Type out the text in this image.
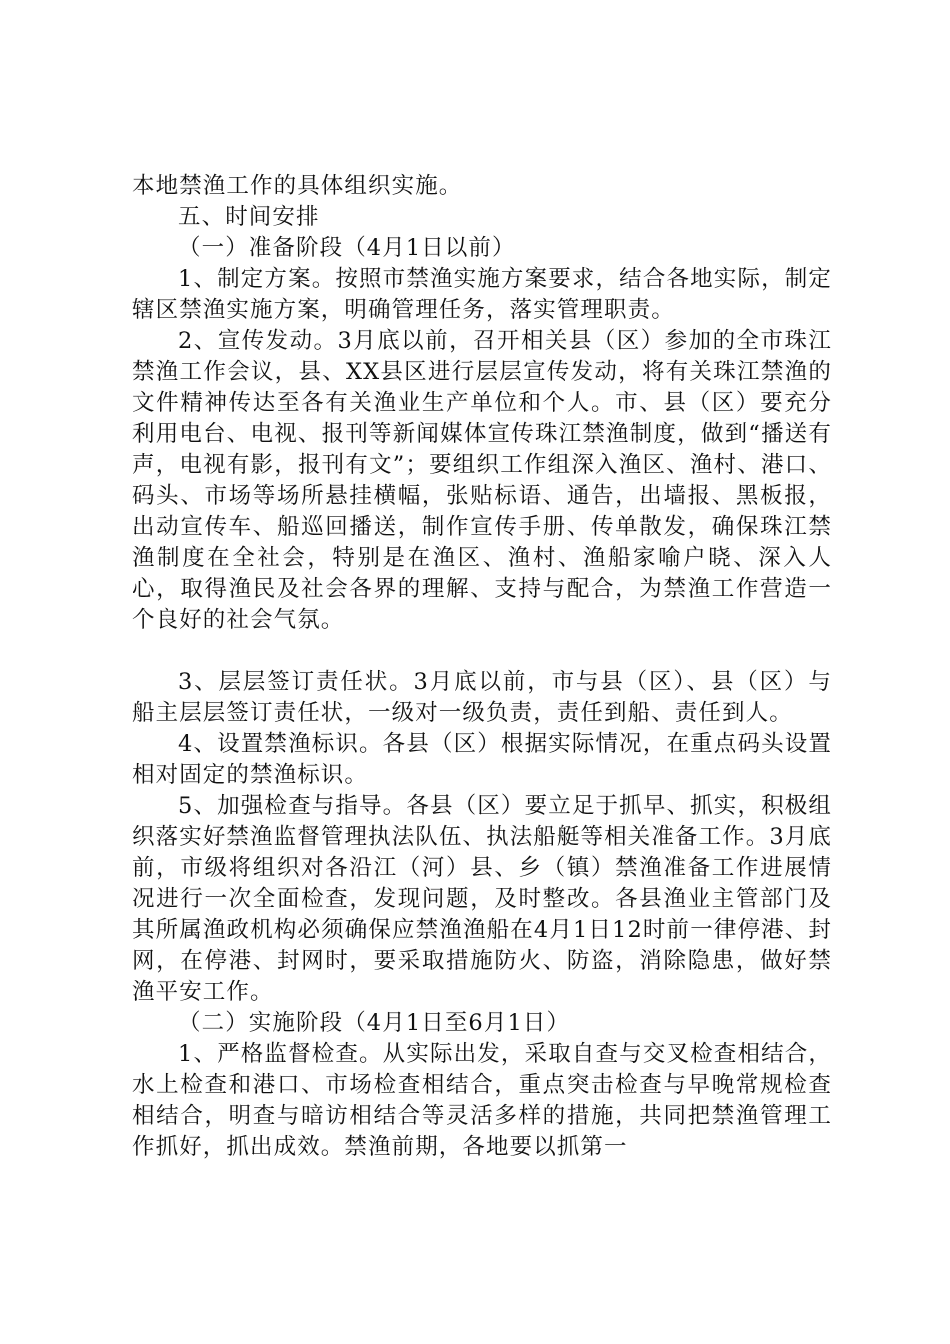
本地禁渔工作的具体组织实施。

五、时间安排

（一）准备阶段（4月1日以前）

1、制定方案。按照市禁渔实施方案要求，结合各地实际，制定辖区禁渔实施方案，明确管理任务，落实管理职责。

2、宣传发动。3月底以前，召开相关县（区）参加的全市珠江禁渔工作会议，县、XX县区进行层层宣传发动，将有关珠江禁渔的文件精神传达至各有关渔业生产单位和个人。市、县（区）要充分利用电台、电视、报刊等新闻媒体宣传珠江禁渔制度，做到“播送有声，电视有影，报刊有文”；要组织工作组深入渔区、渔村、港口、码头、市场等场所悬挂横幅，张贴标语、通告，出墙报、黑板报，出动宣传车、船巡回播送，制作宣传手册、传单散发，确保珠江禁渔制度在全社会，特别是在渔区、渔村、渔船家喻户晓、深入人心，取得渔民及社会各界的理解、支持与配合，为禁渔工作营造一个良好的社会气氛。

3、层层签订责任状。3月底以前，市与县（区）、县（区）与船主层层签订责任状，一级对一级负责，责任到船、责任到人。

4、设置禁渔标识。各县（区）根据实际情况，在重点码头设置相对固定的禁渔标识。

5、加强检查与指导。各县（区）要立足于抓早、抓实，积极组织落实好禁渔监督管理执法队伍、执法船艇等相关准备工作。3月底前，市级将组织对各沿江（河）县、乡（镇）禁渔准备工作进展情况进行一次全面检查，发现问题，及时整改。各县渔业主管部门及其所属渔政机构必须确保应禁渔渔船在4月1日12时前一律停港、封网，在停港、封网时，要采取措施防火、防盗，消除隐患，做好禁渔平安工作。

（二）实施阶段（4月1日至6月1日）

1、严格监督检查。从实际出发，采取自查与交叉检查相结合，水上检查和港口、市场检查相结合，重点突击检查与早晚常规检查相结合，明查与暗访相结合等灵活多样的措施，共同把禁渔管理工作抓好，抓出成效。禁渔前期，各地要以抓第一
